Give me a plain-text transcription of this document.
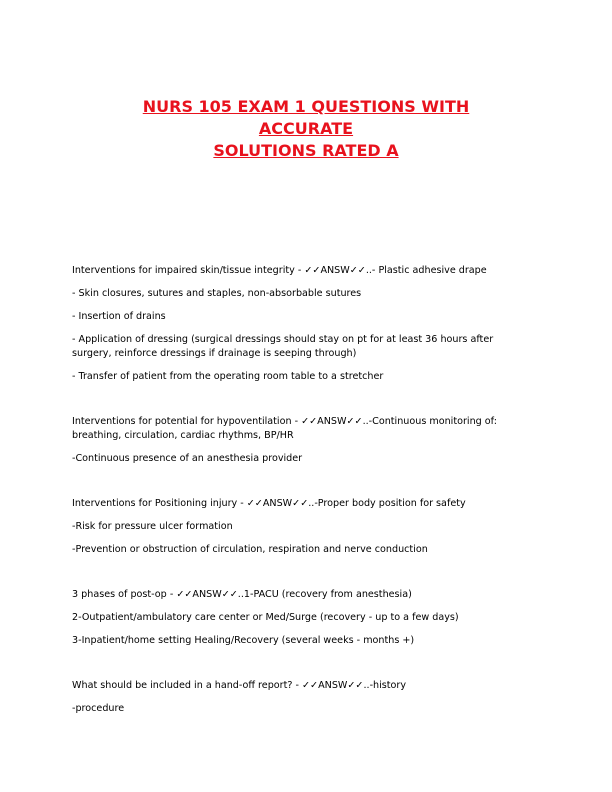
NURS 105 EXAM 1 QUESTIONS WITH ACCURATE
SOLUTIONS RATED A

Interventions for impaired skin/tissue integrity - ✓✓ANSW✓✓..- Plastic adhesive drape

- Skin closures, sutures and staples, non-absorbable sutures

- Insertion of drains

- Application of dressing (surgical dressings should stay on pt for at least 36 hours after surgery, reinforce dressings if drainage is seeping through)

- Transfer of patient from the operating room table to a stretcher

Interventions for potential for hypoventilation - ✓✓ANSW✓✓..-Continuous monitoring of: breathing, circulation, cardiac rhythms, BP/HR

-Continuous presence of an anesthesia provider

Interventions for Positioning injury - ✓✓ANSW✓✓..-Proper body position for safety

-Risk for pressure ulcer formation

-Prevention or obstruction of circulation, respiration and nerve conduction

3 phases of post-op - ✓✓ANSW✓✓..1-PACU (recovery from anesthesia)

2-Outpatient/ambulatory care center or Med/Surge (recovery - up to a few days)

3-Inpatient/home setting Healing/Recovery (several weeks - months +)

What should be included in a hand-off report? - ✓✓ANSW✓✓..-history

-procedure
